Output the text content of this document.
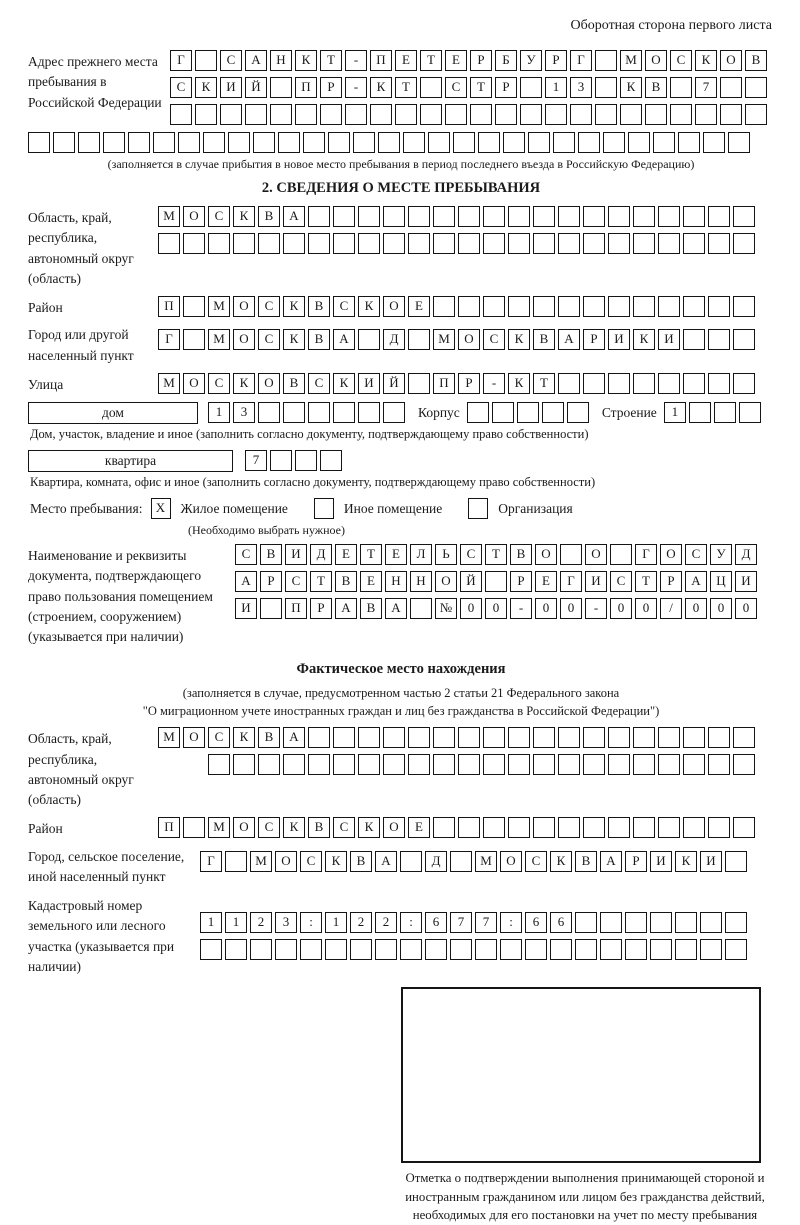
Оборотная сторона первого листа
Адрес прежнего места пребывания в Российской Федерации
Г	С А Н К Т - П Е Т Е Р Б У Р Г	М О С К О В
С К И Й	П Р - К Т	С Т Р	1 3	К В	7
(заполняется в случае прибытия в новое место пребывания в период последнего въезда в Российскую Федерацию)
2. СВЕДЕНИЯ О МЕСТЕ ПРЕБЫВАНИЯ
Область, край, республика, автономный округ (область)
М О С К В А
Район	П	М О С К В С К О Е
Город или другой населенный пункт
Г	М О С К В А	Д	М О С К В А Р И К И
Улица	М О С К О В С К И Й	П Р - К Т
дом	1 3	Корпус	Строение	1
Дом, участок, владение и иное (заполнить согласно документу, подтверждающему право собственности)
квартира	7
Квартира, комната, офис и иное (заполнить согласно документу, подтверждающему право собственности)
Место пребывания:	X	Жилое помещение	Иное помещение	Организация
(Необходимо выбрать нужное)
Наименование и реквизиты документа, подтверждающего право пользования помещением (строением, сооружением) (указывается при наличии)
С В И Д Е Т Е Л Ь С Т В О	О	Г О С У Д
А Р С Т В Е Н Н О Й	Р Е Г И С Т Р А Ц И
И	П Р А В А	№ 0 0 - 0 0 - 0 0 / 0 0 0
Фактическое место нахождения
(заполняется в случае, предусмотренном частью 2 статьи 21 Федерального закона
"О миграционном учете иностранных граждан и лиц без гражданства в Российской Федерации")
Область, край, республика, автономный округ (область)
М О С К В А
Район	П	М О С К В С К О Е
Город, сельское поселение, иной населенный пункт
Г	М О С К В А	Д	М О С К В А Р И К И
Кадастровый номер земельного или лесного участка (указывается при наличии)
1 1 2 3 : 1 2 2 : 6 7 7 : 6 6
Отметка о подтверждении выполнения принимающей стороной и иностранным гражданином или лицом без гражданства действий, необходимых для его постановки на учет по месту пребывания
